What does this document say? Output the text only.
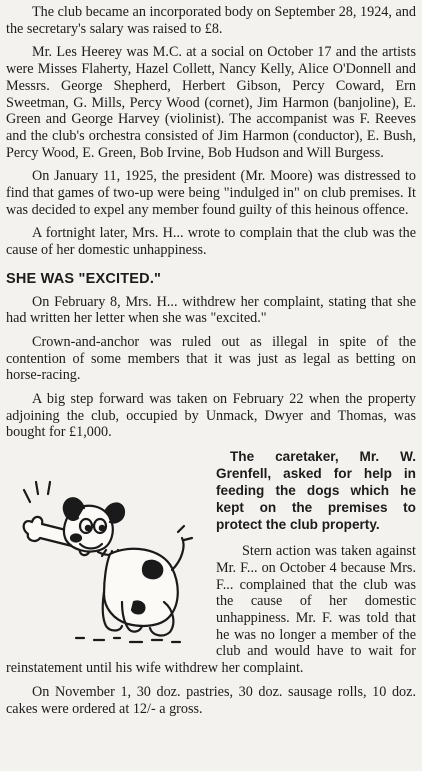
The club became an incorporated body on September 28, 1924, and the secretary's salary was raised to £8.

Mr. Les Heerey was M.C. at a social on October 17 and the artists were Misses Flaherty, Hazel Collett, Nancy Kelly, Alice O'Donnell and Messrs. George Shepherd, Herbert Gibson, Percy Coward, Ern Sweetman, G. Mills, Percy Wood (cornet), Jim Harmon (banjoline), E. Green and George Harvey (violinist). The accompanist was F. Reeves and the club's orchestra consisted of Jim Harmon (conductor), E. Bush, Percy Wood, E. Green, Bob Irvine, Bob Hudson and Will Burgess.

On January 11, 1925, the president (Mr. Moore) was distressed to find that games of two-up were being "indulged in" on club premises. It was decided to expel any member found guilty of this heinous offence.

A fortnight later, Mrs. H... wrote to complain that the club was the cause of her domestic unhappiness.

SHE WAS "EXCITED."

On February 8, Mrs. H... withdrew her complaint, stating that she had written her letter when she was "excited."

Crown-and-anchor was ruled out as illegal in spite of the contention of some members that it was just as legal as betting on horse-racing.

A big step forward was taken on February 22 when the property adjoining the club, occupied by Unmack, Dwyer and Thomas, was bought for £1,000.

The caretaker, Mr. W. Grenfell, asked for help in feeding the dogs which he kept on the premises to protect the club property.

Stern action was taken against Mr. F... on October 4 because Mrs. F... complained that the club was the cause of her domestic unhappiness. Mr. F. was told that he was no longer a member of the club and would have to wait for reinstatement until his wife withdrew her complaint.

On November 1, 30 doz. pastries, 30 doz. sausage rolls, 10 doz. cakes were ordered at 12/- a gross.
